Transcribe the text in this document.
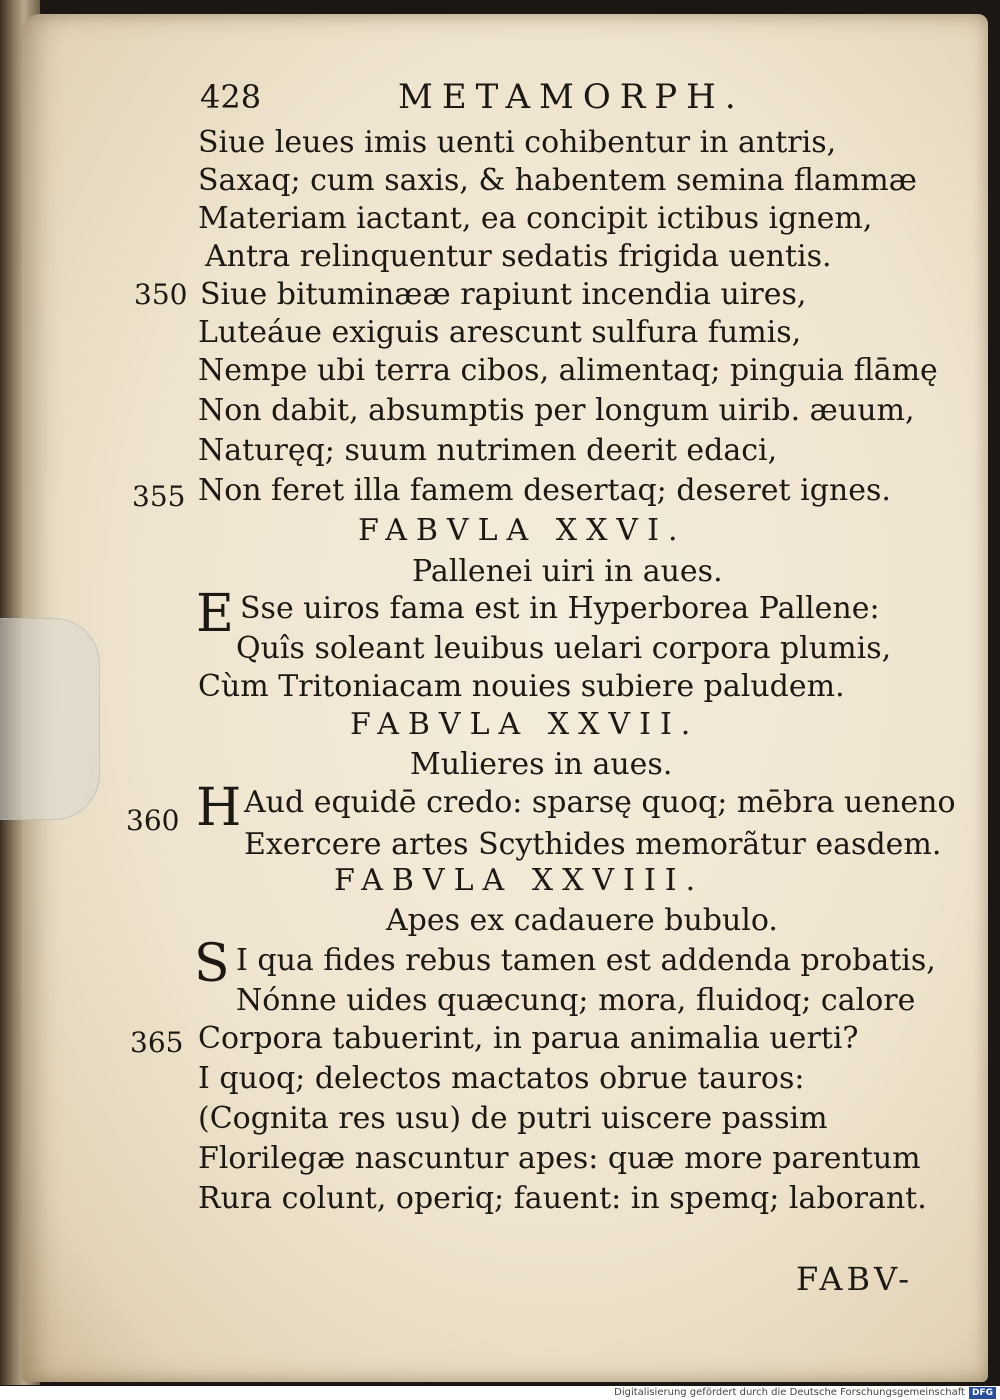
428	METAMORPH.
Siue leues imis uenti cohibentur in antris,
Saxaq; cum saxis, & habentem semina flammæ
Materiam iactant, ea concipit ictibus ignem,
Antra relinquentur sedatis frigida uentis.
350 Siue bituminææ rapiunt incendia uires,
Luteáue exiguis arescunt sulfura fumis,
Nempe ubi terra cibos, alimentaq; pinguia flāmę
Non dabit, absumptis per longum uirib. æuum,
Naturęq; suum nutrimen deerit edaci,
355 Non feret illa famem desertaq; deseret ignes.
FABVLA XXVI.
Pallenei uiri in aues.
E Sse uiros fama est in Hyperborea Pallene:
Quîs soleant leuibus uelari corpora plumis,
Cùm Tritoniacam nouies subiere paludem.
FABVLA XXVII.
Mulieres in aues.
360 H Aud equidē credo: sparsę quoq; mēbra ueneno
Exercere artes Scythides memorãtur easdem.
FABVLA XXVIII.
Apes ex cadauere bubulo.
S I qua fides rebus tamen est addenda probatis,
Nónne uides quæcunq; mora, fluidoq; calore
365 Corpora tabuerint, in parua animalia uerti?
I quoq; delectos mactatos obrue tauros:
(Cognita res usu) de putri uiscere passim
Florilegæ nascuntur apes: quæ more parentum
Rura colunt, operiq; fauent: in spemq; laborant.
FABV-
Digitalisierung gefördert durch die Deutsche Forschungsgemeinschaft DFG
